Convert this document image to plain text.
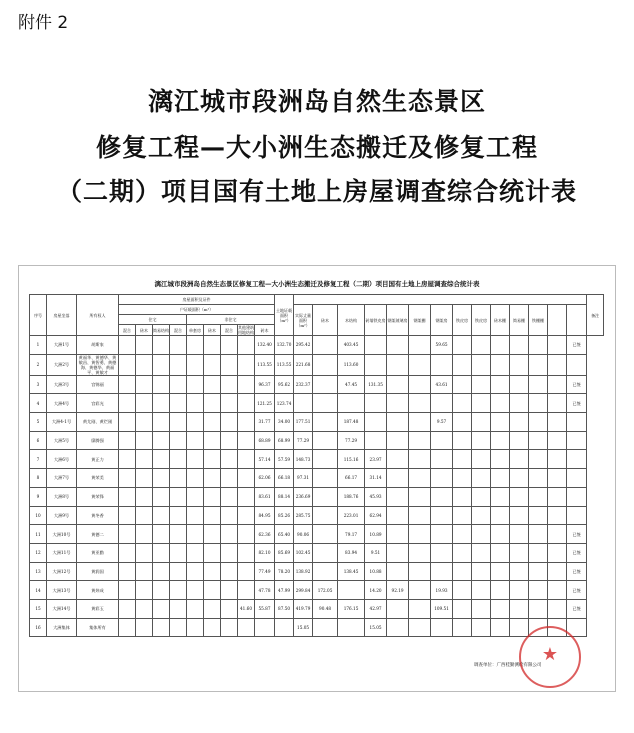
附件 2
漓江城市段洲岛自然生态景区
修复工程—大小洲生态搬迁及修复工程
（二期）项目国有土地上房屋调查综合统计表
漓江城市段洲岛自然生态景区修复工程—大小洲生态搬迁及修复工程（二期）项目国有土地上房屋调查综合统计表
序号	房屋坐落	所有权人	房屋面积及证件									土地证载面积（m²）															备注
			户证载面积（m²）										实际丈量面积（m²）	砖木	木结构	砖墙铁皮房	钢架玻璃房	钢架棚	钢架房	铁皮房	铁皮房	砖木棚	简易棚	铁棚棚			
			住宅				非住宅																				
			混合	砖木	简易结构	混合	单套房	砖木	混合	其他建筑用地结构	砖木																
1	大洲1号	胡斯家									132.40	132.70	295.42		403.45				59.65							已签	
2	大洲2号	黄福华、黄德华、黄敏昌、黄智勇、黄德海、黄德华、黄福平、黄敏才									113.55	113.55	221.68		113.60												
3	大洲3号	宫锦丽									96.37	95.62	232.37		47.45	131.35			43.61							已签	
4	大洲4号	宫彩光									121.25	123.74														已签	
5	大洲4-1号	黄尤刚、黄烂刚									31.77	34.00	177.51		187.48				9.57								
6	大洲5号	廖腾强									68.89	68.99	77.29		77.29												
7	大洲6号	黄正力									57.14	57.59	148.73		115.16	23.97											
8	大洲7号	黄荣美									62.06	66.18	97.31		66.17	31.14											
9	大洲8号	黄荣锋									83.61	88.14	236.69		188.76	45.93											
10	大洲9号	黄冬香									84.95	85.26	285.75		223.01	62.94											
11	大洲10号	黄德二									62.36	65.40	90.06		79.17	10.89										已签	
12	大洲11号	黄亚勤									82.10	85.69	102.45		83.94	9.51										已签	
13	大洲12号	黄润国									77.49	78.20	138.92		138.45	10.88										已签	
14	大洲13号	黄炜成									47.78	47.99	299.84	172.05		14.20	92.19		19.93							已签	
15	大洲14号	黄彩玉								41.60	55.87	87.50	419.79	90.48	176.15	42.97			109.51							已签	
16	大洲集体	集体所有											15.05			15.05											
调查单位：广西桂勤测绘有限公司
★
